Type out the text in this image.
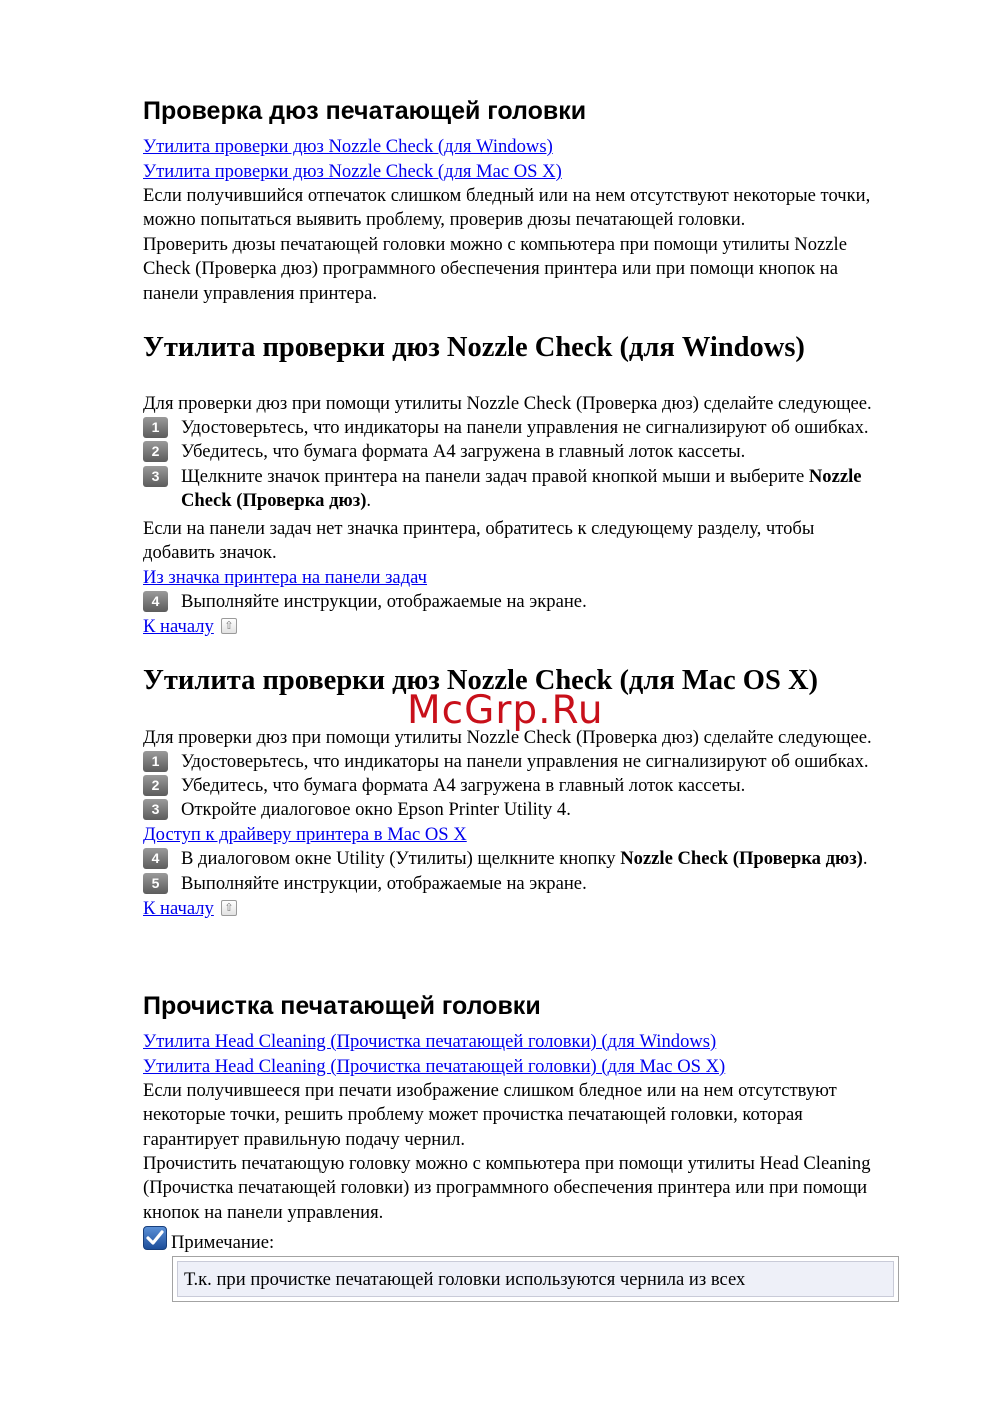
Проверка дюз печатающей головки
Утилита проверки дюз Nozzle Check (для Windows)
Утилита проверки дюз Nozzle Check (для Mac OS X)

Если получившийся отпечаток слишком бледный или на нем отсутствуют некоторые точки,

можно попытаться выявить проблему, проверив дюзы печатающей головки.

Проверить дюзы печатающей головки можно с компьютера при помощи утилиты Nozzle

Check (Проверка дюз) программного обеспечения принтера или при помощи кнопок на

панели управления принтера.

Утилита проверки дюз Nozzle Check (для Windows)

Для проверки дюз при помощи утилиты Nozzle Check (Проверка дюз) сделайте следующее.

1	Удостоверьтесь, что индикаторы на панели управления не сигнализируют об ошибках.
2	Убедитесь, что бумага формата A4 загружена в главный лоток кассеты.
3	Щелкните значок принтера на панели задач правой кнопкой мыши и выберите Nozzle
Check (Проверка дюз).

Если на панели задач нет значка принтера, обратитесь к следующему разделу, чтобы

добавить значок.

Из значка принтера на панели задач
4	Выполняйте инструкции, отображаемые на экране.

К началу ⇧

Утилита проверки дюз Nozzle Check (для Mac OS X)

Для проверки дюз при помощи утилиты Nozzle Check (Проверка дюз) сделайте следующее.

1	Удостоверьтесь, что индикаторы на панели управления не сигнализируют об ошибках.
2	Убедитесь, что бумага формата A4 загружена в главный лоток кассеты.
3	Откройте диалоговое окно Epson Printer Utility 4.
Доступ к драйверу принтера в Mac OS X
4	В диалоговом окне Utility (Утилиты) щелкните кнопку Nozzle Check (Проверка дюз).
5	Выполняйте инструкции, отображаемые на экране.

К началу ⇧

Прочистка печатающей головки
Утилита Head Cleaning (Прочистка печатающей головки) (для Windows)
Утилита Head Cleaning (Прочистка печатающей головки) (для Mac OS X)

Если получившееся при печати изображение слишком бледное или на нем отсутствуют

некоторые точки, решить проблему может прочистка печатающей головки, которая

гарантирует правильную подачу чернил.

Прочистить печатающую головку можно с компьютера при помощи утилиты Head Cleaning

(Прочистка печатающей головки) из программного обеспечения принтера или при помощи

кнопок на панели управления.

Примечание:
Т.к. при прочистке печатающей головки используются чернила из всех
McGrp.Ru
